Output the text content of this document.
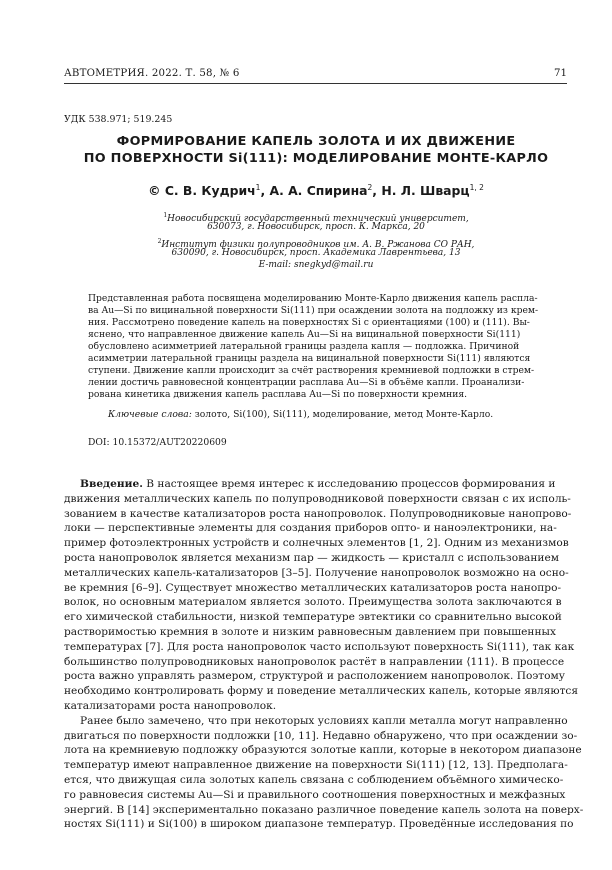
АВТОМЕТРИЯ. 2022. Т. 58, № 6	71
УДК 538.971; 519.245
ФОРМИРОВАНИЕ КАПЕЛЬ ЗОЛОТА И ИХ ДВИЖЕНИЕ
ПО ПОВЕРХНОСТИ Si(111): МОДЕЛИРОВАНИЕ МОНТЕ-КАРЛО
© С. В. Кудрич$^1$, А. А. Спирина$^2$, Н. Л. Шварц$^{1, 2}$
$^1$Новосибирский государственный технический университет,
630073, г. Новосибирск, просп. К. Маркса, 20
$^2$Институт физики полупроводников им. А. В. Ржанова СО РАН,
630090, г. Новосибирск, просп. Академика Лаврентьева, 13
E-mail: snegkyd@mail.ru
Представленная работа посвящена моделированию Монте-Карло движения капель распла-
ва Au—Si по вицинальной поверхности Si(111) при осаждении золота на подложку из крем-
ния. Рассмотрено поведение капель на поверхностях Si с ориентациями (100) и (111). Вы-
яснено, что направленное движение капель Au—Si на вицинальной поверхности Si(111)
обусловлено асимметрией латеральной границы раздела капля — подложка. Причиной
асимметрии латеральной границы раздела на вицинальной поверхности Si(111) являются
ступени. Движение капли происходит за счёт растворения кремниевой подложки в стрем-
лении достичь равновесной концентрации расплава Au—Si в объёме капли. Проанализи-
рована кинетика движения капель расплава Au—Si по поверхности кремния.
Ключевые слова: золото, Si(100), Si(111), моделирование, метод Монте-Карло.
DOI: 10.15372/AUT20220609
Введение. В настоящее время интерес к исследованию процессов формирования и
движения металлических капель по полупроводниковой поверхности связан с их исполь-
зованием в качестве катализаторов роста нанопроволок. Полупроводниковые нанопрово-
локи — перспективные элементы для создания приборов опто- и наноэлектроники, на-
пример фотоэлектронных устройств и солнечных элементов [1, 2]. Одним из механизмов
роста нанопроволок является механизм пар — жидкость — кристалл с использованием
металлических капель-катализаторов [3–5]. Получение нанопроволок возможно на осно-
ве кремния [6–9]. Существует множество металлических катализаторов роста нанопро-
волок, но основным материалом является золото. Преимущества золота заключаются в
его химической стабильности, низкой температуре эвтектики со сравнительно высокой
растворимостью кремния в золоте и низким равновесным давлением при повышенных
температурах [7]. Для роста нанопроволок часто используют поверхность Si(111), так как
большинство полупроводниковых нанопроволок растёт в направлении ⟨111⟩. В процессе
роста важно управлять размером, структурой и расположением нанопроволок. Поэтому
необходимо контролировать форму и поведение металлических капель, которые являются
катализаторами роста нанопроволок.
Ранее было замечено, что при некоторых условиях капли металла могут направленно
двигаться по поверхности подложки [10, 11]. Недавно обнаружено, что при осаждении зо-
лота на кремниевую подложку образуются золотые капли, которые в некотором диапазоне
температур имеют направленное движение на поверхности Si(111) [12, 13]. Предполага-
ется, что движущая сила золотых капель связана с соблюдением объёмного химическо-
го равновесия системы Au—Si и правильного соотношения поверхностных и межфазных
энергий. В [14] экспериментально показано различное поведение капель золота на поверх-
ностях Si(111) и Si(100) в широком диапазоне температур. Проведённые исследования по
